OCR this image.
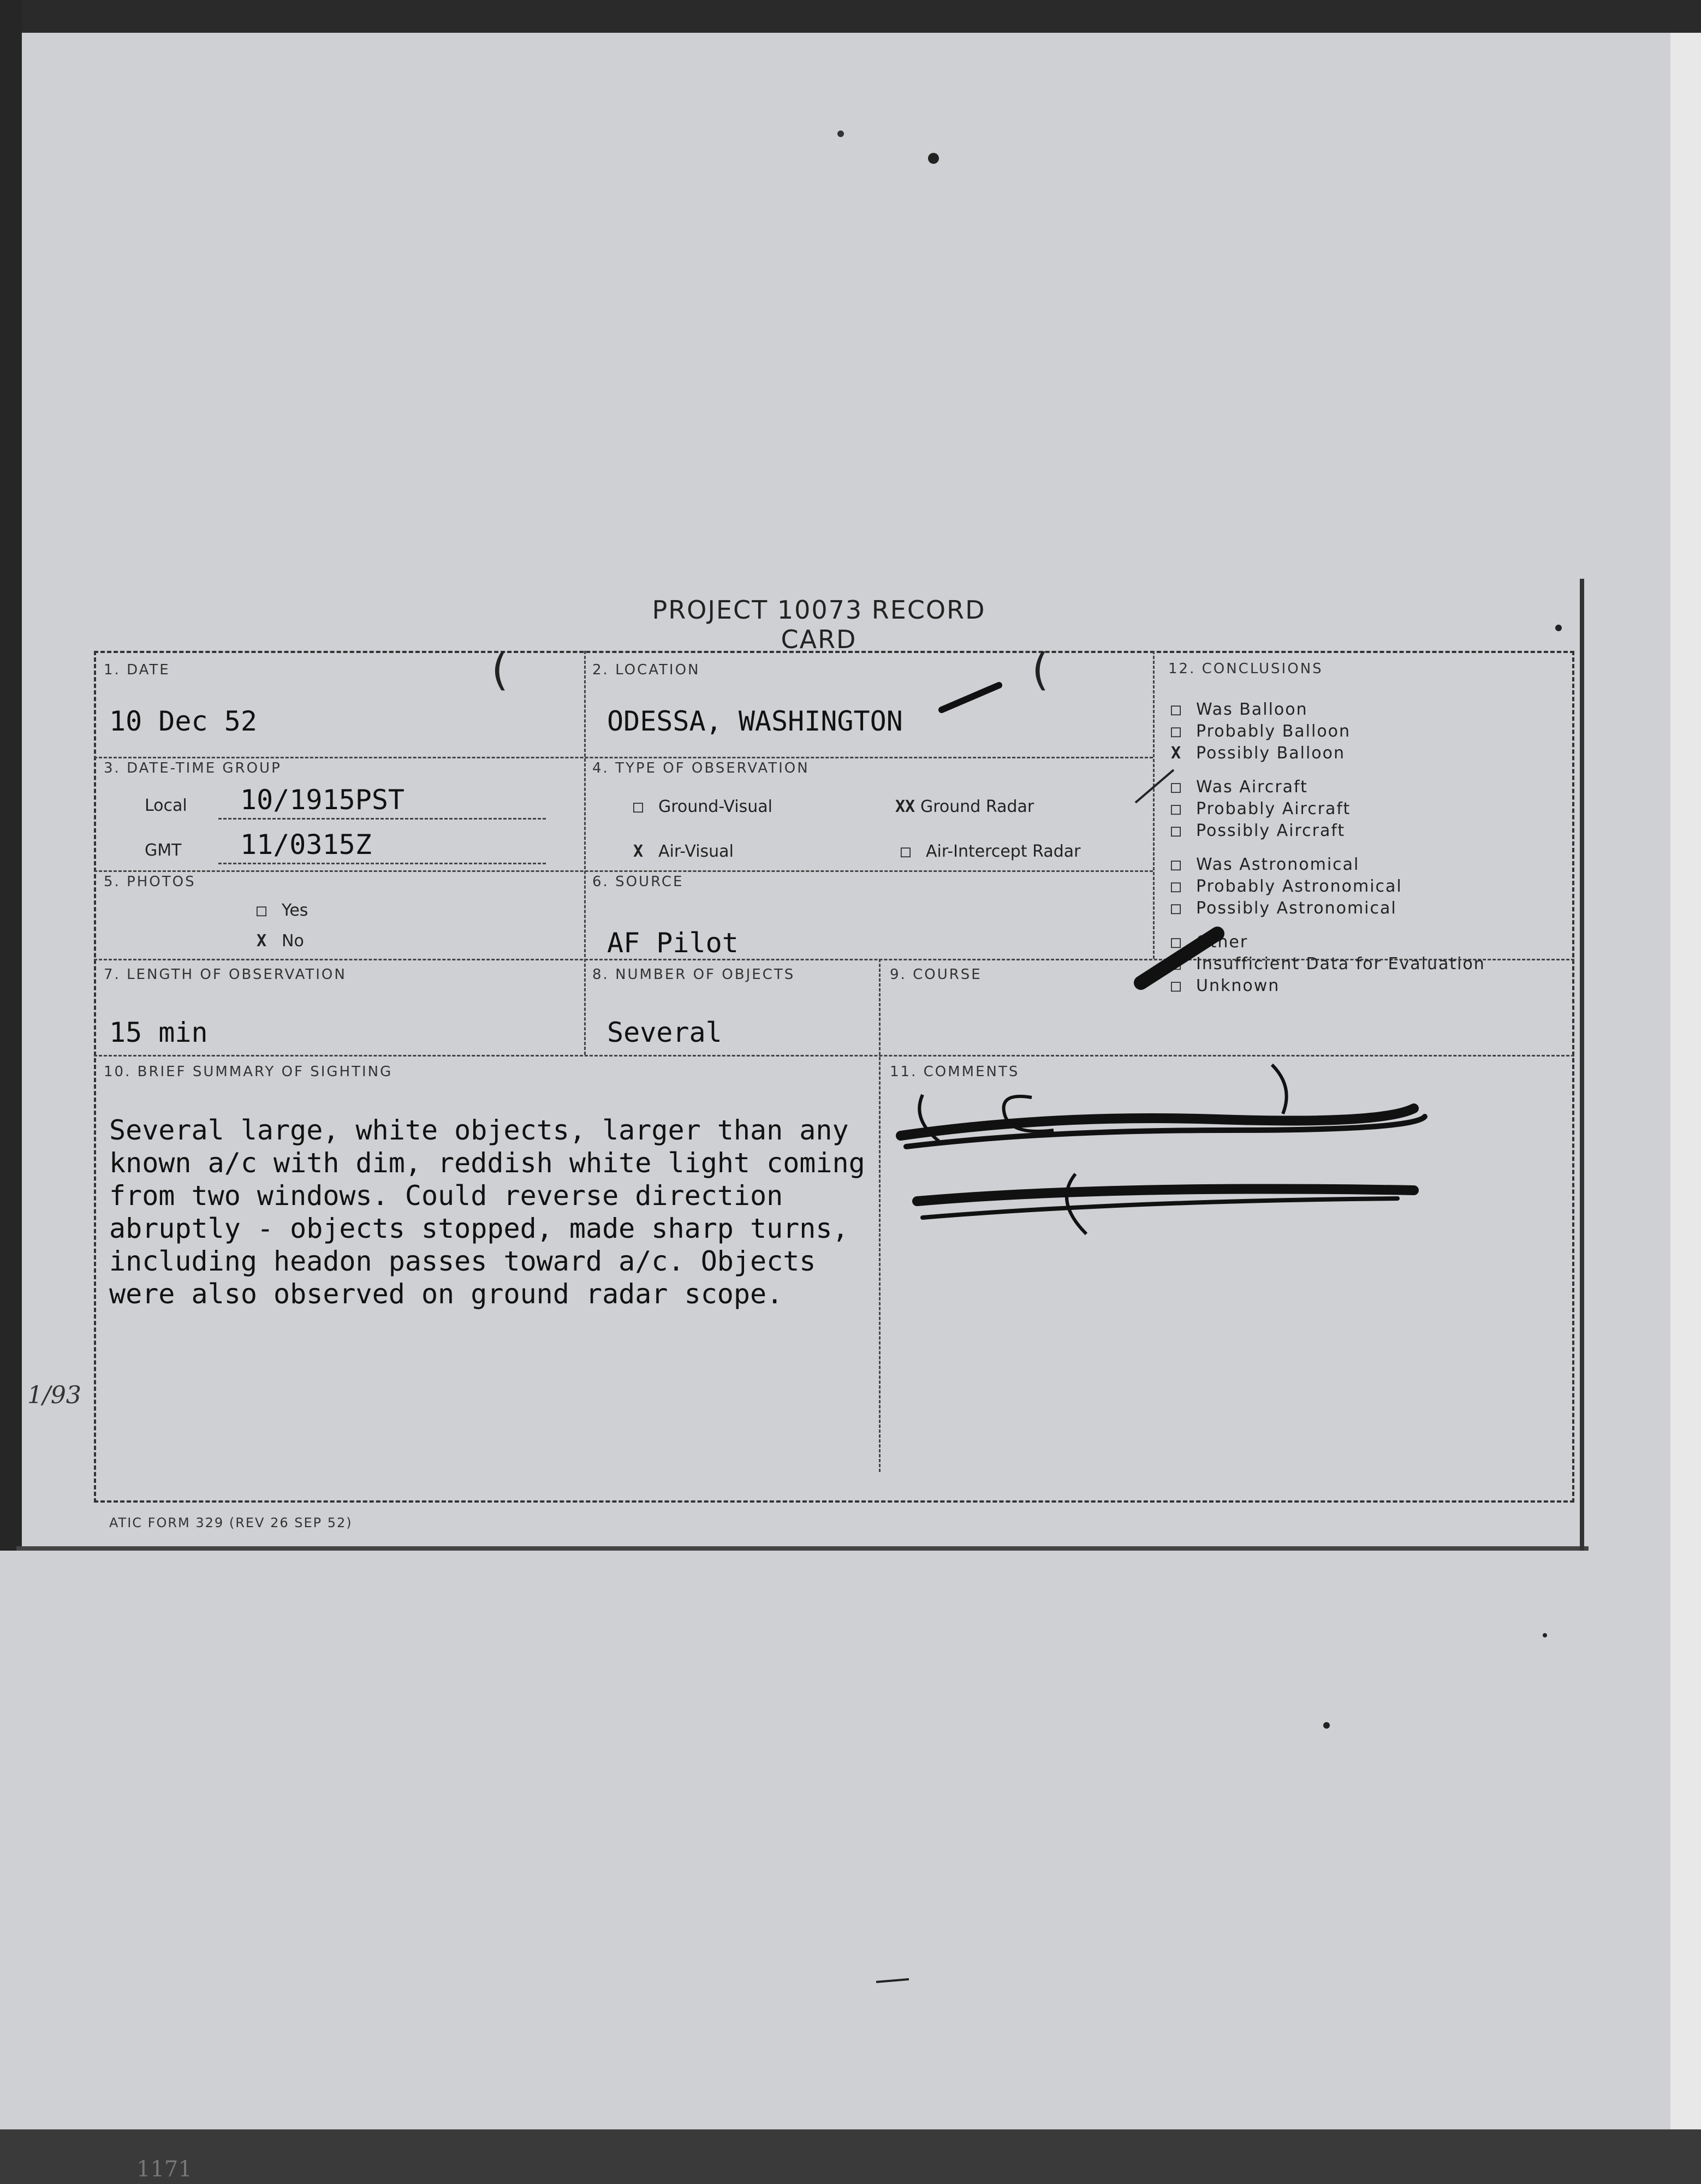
PROJECT 10073 RECORD CARD
1. DATE
10 Dec 52
(	2. LOCATION
ODESSA, WASHINGTON
(
3. DATE-TIME GROUP
Local 10/1915PST
GMT 11/0315Z
4. TYPE OF OBSERVATION
□ Ground-Visual	XX Ground Radar
X Air-Visual	□ Air-Intercept Radar
5. PHOTOS
□ Yes
X No
6. SOURCE
AF Pilot
7. LENGTH OF OBSERVATION
15 min
8. NUMBER OF OBJECTS
Several
9. COURSE
10. BRIEF SUMMARY OF SIGHTING
Several large, white objects, larger than any
known a/c with dim, reddish white light coming
from two windows. Could reverse direction
abruptly - objects stopped, made sharp turns,
including headon passes toward a/c. Objects
were also observed on ground radar scope.
11. COMMENTS
12. CONCLUSIONS
□ Was Balloon
□ Probably Balloon
X Possibly Balloon
□ Was Aircraft
□ Probably Aircraft
□ Possibly Aircraft
□ Was Astronomical
□ Probably Astronomical
□ Possibly Astronomical
□ Other
□ Insufficient Data for Evaluation
□ Unknown
ATIC FORM 329 (REV 26 SEP 52)
1/93
1171
